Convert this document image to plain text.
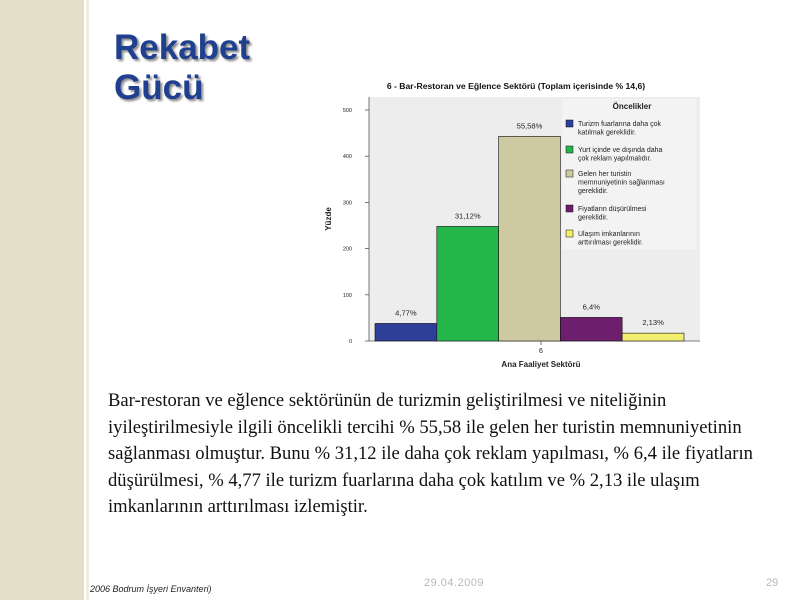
Rekabet
Gücü	6 - Bar-Restoran ve Eğlence Sektörü (Toplam içerisinde % 14,6)
0
100
200
300
400
500
4,77%
31,12%
55,58%
6,4%
2,13%
6
Ana Faaliyet Sektörü
Yüzde
Öncelikler
Turizm fuarlarına daha çok katılmak gereklidir.
Yurt içinde ve dışında daha çok reklam yapılmalıdır.
Gelen her turistin memnuniyetinin sağlanması gereklidir.
Fiyatların düşürülmesi gereklidir.
Ulaşım imkanlarının arttırılması gereklidir.

Bar-restoran ve eğlence sektörünün de turizmin geliştirilmesi ve niteliğinin iyileştirilmesiyle ilgili öncelikli tercihi % 55,58 ile gelen her turistin memnuniyetinin sağlanması olmuştur. Bunu % 31,12 ile daha çok reklam yapılması, % 6,4 ile fiyatların düşürülmesi, % 4,77 ile turizm fuarlarına daha çok katılım ve % 2,13 ile ulaşım imkanlarının arttırılması izlemiştir.

2006 Bodrum İşyeri Envanteri)	29.04.2009	29
